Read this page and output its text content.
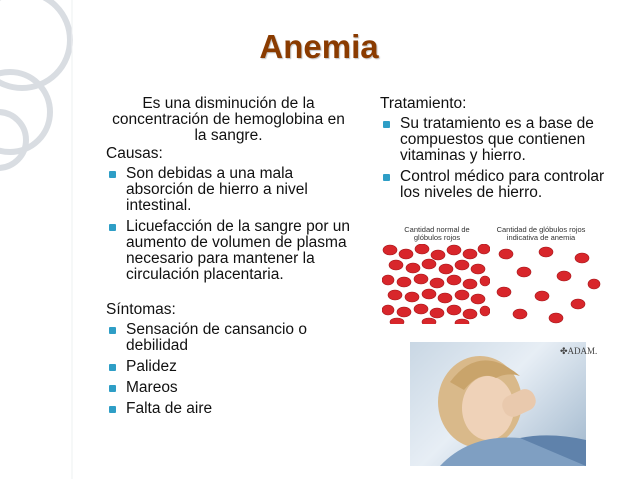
Anemia

Es una disminución de la concentración de hemoglobina en la sangre.

Causas:

Son debidas a una mala absorción de hierro a nivel intestinal.
Licuefacción de la sangre por un aumento de volumen de plasma necesario para mantener la circulación placentaria.

Síntomas:

Sensación de cansancio o debilidad
Palidez
Mareos
Falta de aire

Tratamiento:

Su tratamiento es a base de compuestos que contienen vitaminas y hierro.
Control médico para controlar los niveles de hierro.
Cantidad normal de glóbulos rojos
Cantidad de glóbulos rojos indicativa de anemia
✤ADAM.
